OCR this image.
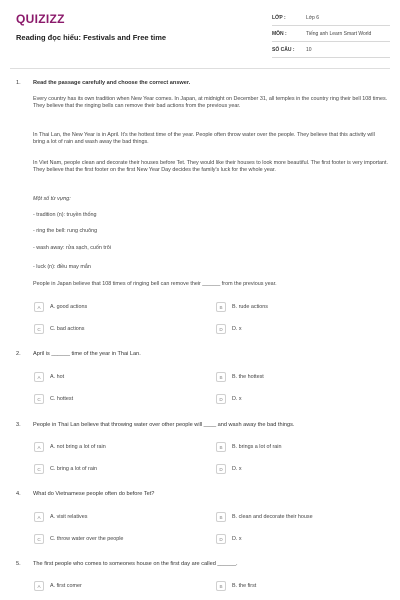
QUIZIZZ
Reading đọc hiểu: Festivals and Free time
LỚP :	Lớp 6
MÔN :	Tiếng anh Learn Smart World
SỐ CÂU : 10
1. Read the passage carefully and choose the correct answer.
Every country has its own tradition when New Year comes. In Japan, at midnight on December 31, all temples in the country ring their bell 108 times. They believe that the ringing bells can remove their bad actions from the previous year.
In Thai Lan, the New Year is in April. It's the hottest time of the year. People often throw water over the people. They believe that this activity will bring a lot of rain and wash away the bad things.
In Viet Nam, people clean and decorate their houses before Tet. They would like their houses to look more beautiful. The first footer is very important. They believe that the first footer on the first New Year Day decides the family's luck for the whole year.
Một số từ vựng:
- tradition (n): truyền thống
- ring the bell: rung chuông
- wash away: rửa sạch, cuốn trôi
- luck (n): điều may mắn
People in Japan believe that 108 times of ringing bell can remove their ______ from the previous year.
A	A. good actions	B	B. rude actions
C	C. bad actions	D	D. x
2. April is ______ time of the year in Thai Lan.
A	A. hot	B	B. the hottest
C	C. hottest	D	D. x
3. People in Thai Lan believe that throwing water over other people will ____ and wash away the bad things.
A	A. not bring a lot of rain	B	B. brings a lot of rain
C	C. bring a lot of rain	D	D. x
4. What do Vietnamese people often do before Tet?
A	A. visit relatives	B	B. clean and decorate their house
C	C. throw water over the people	D	D. x
5. The first people who comes to someones house on the first day are called ______.
A	A. first comer	B	B. the first
